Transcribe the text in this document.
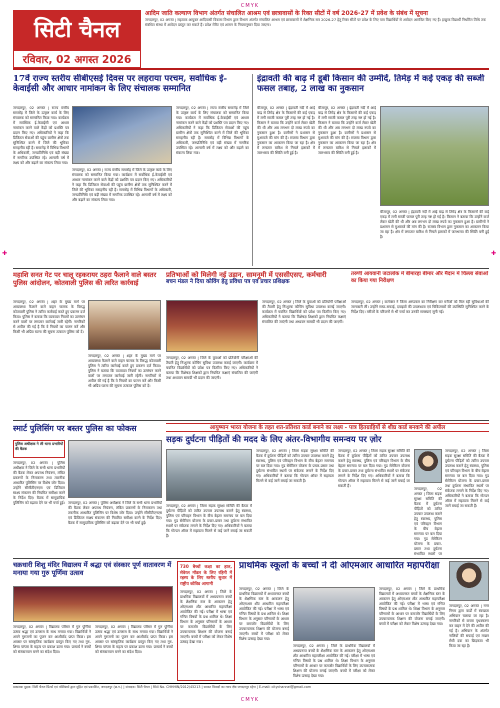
CMYK
✚	✚
सिटी चैनल
रविवार, 02 अगस्त 2026
आदिम जाति कल्याण विभाग अंतर्गत संचालित आश्रम एवं छात्रावासों के रिक्त सीटों में वर्ष 2026-27 में प्रवेश के संबंध में सूचना
जगदलपुर, 02 अगस्त | सहायक आयुक्त आदिवासी विकास विभाग द्वारा विभाग अंतर्गत संचालित आश्रम एवं छात्रावासों में शैक्षणिक सत्र 2026-27 हेतु रिक्त सीटों पर प्रवेश के लिए पात्र विद्यार्थियों से आवेदन आमंत्रित किए गए हैं। इच्छुक विद्यार्थी निर्धारित तिथि तक संबंधित संस्था में आवेदन प्रस्तुत कर सकते हैं। प्रवेश मेरिट एवं शासन के नियमानुसार दिया जाएगा।
17वें राज्य स्तरीय सीबीएसई दिवस पर लहराया परचम, सर्वाधिक ई-केवाईसी और आधार नामांकन के लिए संचालक सम्मानित
जगदलपुर, 02 अगस्त | राज्य स्तरीय समारोह में जिले के उत्कृष्ट कार्य के लिए संचालक को सम्मानित किया गया। कार्यक्रम में सर्वाधिक ई-केवाईसी एवं आधार नामांकन करने वाले केंद्रों को प्रशस्ति पत्र प्रदान किए गए। अधिकारियों ने कहा कि डिजिटल सेवाओं की पहुंच ग्रामीण क्षेत्रों तक सुनिश्चित करने में जिले की भूमिका सराहनीय रही है। समारोह में विभिन्न विभागों के अधिकारी, जनप्रतिनिधि एवं बड़ी संख्या में नागरिक उपस्थित रहे। आगामी वर्ष में लक्ष्य को और बढ़ाने का संकल्प लिया गया।
जगदलपुर, 02 अगस्त | राज्य स्तरीय समारोह में जिले के उत्कृष्ट कार्य के लिए संचालक को सम्मानित किया गया। कार्यक्रम में सर्वाधिक ई-केवाईसी एवं आधार नामांकन करने वाले केंद्रों को प्रशस्ति पत्र प्रदान किए गए। अधिकारियों ने कहा कि डिजिटल सेवाओं की पहुंच ग्रामीण क्षेत्रों तक सुनिश्चित करने में जिले की भूमिका सराहनीय रही है। समारोह में विभिन्न विभागों के अधिकारी, जनप्रतिनिधि एवं बड़ी संख्या में नागरिक उपस्थित रहे। आगामी वर्ष में लक्ष्य को और बढ़ाने का संकल्प लिया गया।
जगदलपुर, 02 अगस्त | राज्य स्तरीय समारोह में जिले के उत्कृष्ट कार्य के लिए संचालक को सम्मानित किया गया। कार्यक्रम में सर्वाधिक ई-केवाईसी एवं आधार नामांकन करने वाले केंद्रों को प्रशस्ति पत्र प्रदान किए गए। अधिकारियों ने कहा कि डिजिटल सेवाओं की पहुंच ग्रामीण क्षेत्रों तक सुनिश्चित करने में जिले की भूमिका सराहनीय रही है। समारोह में विभिन्न विभागों के अधिकारी, जनप्रतिनिधि एवं बड़ी संख्या में नागरिक उपस्थित रहे। आगामी वर्ष में लक्ष्य को और बढ़ाने का संकल्प लिया गया।
इंद्रावती की बाढ़ में डूबी किसान की उम्मीदें, तिमेड़ में कई एकड़ की सब्जी फसल तबाह, 2 लाख का नुकसान
बीजापुर, 02 अगस्त | इंद्रावती नदी में आई बाढ़ से तिमेड़ क्षेत्र के किसानों की कई एकड़ में लगी सब्जी फसल पूरी तरह नष्ट हो गई है। किसान ने बताया कि उन्होंने कर्ज लेकर खेती की थी और अब लगभग दो लाख रुपये का नुकसान हुआ है। ग्रामीणों ने प्रशासन से मुआवजे की मांग की है। राजस्व विभाग द्वारा नुकसान का आकलन किया जा रहा है। क्षेत्र में लगातार बारिश से निचले इलाकों में जलभराव की स्थिति बनी हुई है।
बीजापुर, 02 अगस्त | इंद्रावती नदी में आई बाढ़ से तिमेड़ क्षेत्र के किसानों की कई एकड़ में लगी सब्जी फसल पूरी तरह नष्ट हो गई है। किसान ने बताया कि उन्होंने कर्ज लेकर खेती की थी और अब लगभग दो लाख रुपये का नुकसान हुआ है। ग्रामीणों ने प्रशासन से मुआवजे की मांग की है। राजस्व विभाग द्वारा नुकसान का आकलन किया जा रहा है। क्षेत्र में लगातार बारिश से निचले इलाकों में जलभराव की स्थिति बनी हुई है।
बीजापुर, 02 अगस्त | इंद्रावती नदी में आई बाढ़ से तिमेड़ क्षेत्र के किसानों की कई एकड़ में लगी सब्जी फसल पूरी तरह नष्ट हो गई है। किसान ने बताया कि उन्होंने कर्ज लेकर खेती की थी और अब लगभग दो लाख रुपये का नुकसान हुआ है। ग्रामीणों ने प्रशासन से मुआवजे की मांग की है। राजस्व विभाग द्वारा नुकसान का आकलन किया जा रहा है। क्षेत्र में लगातार बारिश से निचले इलाकों में जलभराव की स्थिति बनी हुई है।
महाशि सनत गेट पर चालू रहकरायर ठहरा फैलाने वाले बस्तर पुलिस आंदोलन, कोतवाली पुलिस की त्वरित कार्रवाई
जगदलपुर, 02 अगस्त | शहर के मुख्य मार्ग पर अव्यवस्था फैलाने वाले वाहन चालक के विरुद्ध कोतवाली पुलिस ने त्वरित कार्रवाई करते हुए प्रकरण दर्ज किया। पुलिस ने बताया कि यातायात नियमों का उल्लंघन करने वालों पर लगातार कार्रवाई जारी रहेगी। नागरिकों से अपील की गई है कि वे नियमों का पालन करें और किसी भी अप्रिय घटना की सूचना तत्काल पुलिस को दें।
जगदलपुर, 02 अगस्त | शहर के मुख्य मार्ग पर अव्यवस्था फैलाने वाले वाहन चालक के विरुद्ध कोतवाली पुलिस ने त्वरित कार्रवाई करते हुए प्रकरण दर्ज किया। पुलिस ने बताया कि यातायात नियमों का उल्लंघन करने वालों पर लगातार कार्रवाई जारी रहेगी। नागरिकों से अपील की गई है कि वे नियमों का पालन करें और किसी भी अप्रिय घटना की सूचना तत्काल पुलिस को दें।
प्रतिभाओं को मिलेगी नई उड़ान, सामनूमी में एससीएसए, कर्मचारी
बचन मंडल ने दिया कोविंग हेतु प्रविधा पत्र एवं प्रचार प्रशिक्षक
जगदलपुर, 02 अगस्त | जिले के युवाओं को प्रतियोगी परीक्षाओं की तैयारी हेतु निःशुल्क कोचिंग सुविधा उपलब्ध कराई जाएगी। कार्यक्रम में चयनित विद्यार्थियों को प्रवेश पत्र वितरित किए गए। अधिकारियों ने बताया कि विशेषज्ञ शिक्षकों द्वारा नियमित कक्षाएं संचालित की जाएंगी तथा अध्ययन सामग्री भी प्रदान की जाएगी।
जगदलपुर, 02 अगस्त | जिले के युवाओं को प्रतियोगी परीक्षाओं की तैयारी हेतु निःशुल्क कोचिंग सुविधा उपलब्ध कराई जाएगी। कार्यक्रम में चयनित विद्यार्थियों को प्रवेश पत्र वितरित किए गए। अधिकारियों ने बताया कि विशेषज्ञ शिक्षकों द्वारा नियमित कक्षाएं संचालित की जाएंगी तथा अध्ययन सामग्री भी प्रदान की जाएगी।
तरुणी आयवानी जटालोक में बीमारहा बीमार और मैदान में चिल्ला सेवाओं का किया गया निरीक्षण
जगदलपुर, 02 अगस्त | कलेक्टर ने जिला अस्पताल का निरीक्षण कर मरीजों को मिल रही सुविधाओं की जानकारी ली। उन्होंने साफ-सफाई, दवाइयों की उपलब्धता एवं चिकित्सकों की उपस्थिति सुनिश्चित करने के निर्देश दिए। मरीजों के परिजनों से भी चर्चा कर उनकी समस्याएं सुनी गईं।
स्मार्ट पुलिसिंग पर बस्तर पुलिस का फोकस
पुलिस अधीक्षक ने ली थाना प्रभारियों की बैठक
जगदलपुर, 02 अगस्त | पुलिस अधीक्षक ने जिले के सभी थाना प्रभारियों की बैठक लेकर अपराध नियंत्रण, लंबित प्रकरणों के निराकरण तथा तकनीक आधारित पुलिसिंग पर विशेष जोर दिया। उन्होंने सीसीटीएनएस एवं डिजिटल साक्ष्य संकलन की नियमित समीक्षा करने के निर्देश दिए। बैठक में सामुदायिक पुलिसिंग को बढ़ावा देने पर भी चर्चा हुई। जगदलपुर, 02 अगस्त | पुलिस अधीक्षक ने जिले के सभी थाना प्रभारियों की बैठक लेकर अपराध नियंत्रण, लंबित प्रकरणों के निराकरण तथा तकनीक आधारित पुलिसिंग पर विशेष जोर दिया। उन्होंने सीसीटीएनएस एवं डिजिटल साक्ष्य संकलन की नियमित समीक्षा करने के निर्देश दिए। बैठक में सामुदायिक पुलिसिंग को बढ़ावा देने पर भी चर्चा हुई।
आयुष्मान भारत योजना के तहत शत-प्रतिशत कार्ड बनाने का लक्ष्य - पात्र हितग्राहियों से शीघ्र कार्ड बनवाने की अपील
सड़क दुर्घटना पीड़ितों की मदद के लिए अंतर-विभागीय समन्वय पर ज़ोर
जगदलपुर, 02 अगस्त | जिला सड़क सुरक्षा समिति की बैठक में दुर्घटना पीड़ितों को त्वरित उपचार उपलब्ध कराने हेतु स्वास्थ्य, पुलिस एवं परिवहन विभाग के बीच बेहतर समन्वय पर बल दिया गया। गुड सेमेरिटन योजना के प्रचार-प्रसार तथा दुर्घटना संभावित स्थलों पर संकेतक लगाने के निर्देश दिए गए। अधिकारियों ने बताया कि गोल्डन ऑवर में सहायता मिलने से कई जानें बचाई जा सकती हैं।
जगदलपुर, 02 अगस्त | जिला सड़क सुरक्षा समिति की बैठक में दुर्घटना पीड़ितों को त्वरित उपचार उपलब्ध कराने हेतु स्वास्थ्य, पुलिस एवं परिवहन विभाग के बीच बेहतर समन्वय पर बल दिया गया। गुड सेमेरिटन योजना के प्रचार-प्रसार तथा दुर्घटना संभावित स्थलों पर संकेतक लगाने के निर्देश दिए गए। अधिकारियों ने बताया कि गोल्डन ऑवर में सहायता मिलने से कई जानें बचाई जा सकती हैं।
जगदलपुर, 02 अगस्त | जिला सड़क सुरक्षा समिति की बैठक में दुर्घटना पीड़ितों को त्वरित उपचार उपलब्ध कराने हेतु स्वास्थ्य, पुलिस एवं परिवहन विभाग के बीच बेहतर समन्वय पर बल दिया गया। गुड सेमेरिटन योजना के प्रचार-प्रसार तथा दुर्घटना संभावित स्थलों पर संकेतक लगाने के निर्देश दिए गए। अधिकारियों ने बताया कि गोल्डन ऑवर में सहायता मिलने से कई जानें बचाई जा सकती हैं।
जगदलपुर, 02 अगस्त | जिला सड़क सुरक्षा समिति की बैठक में दुर्घटना पीड़ितों को त्वरित उपचार उपलब्ध कराने हेतु स्वास्थ्य, पुलिस एवं परिवहन विभाग के बीच बेहतर समन्वय पर बल दिया गया। गुड सेमेरिटन योजना के प्रचार-प्रसार तथा दुर्घटना संभावित स्थलों पर संकेतक लगाने के निर्देश दिए गए। अधिकारियों ने बताया कि गोल्डन ऑवर में सहायता मिलने से कई जानें बचाई जा सकती हैं।
जगदलपुर, 02 अगस्त | जिला सड़क सुरक्षा समिति की बैठक में दुर्घटना पीड़ितों को त्वरित उपचार उपलब्ध कराने हेतु स्वास्थ्य, पुलिस एवं परिवहन विभाग के बीच बेहतर समन्वय पर बल दिया गया। गुड सेमेरिटन योजना के प्रचार-प्रसार तथा दुर्घटना संभावित स्थलों पर
चक्रधारी शिशु मंदिर विद्यालय में श्रद्धा एवं संस्कार पूर्ण वातावरण में मनाया गया गुरु पूर्णिमा उत्सव
जगदलपुर, 02 अगस्त | विद्यालय परिसर में गुरु पूर्णिमा उत्सव श्रद्धा एवं उल्लास के साथ मनाया गया। विद्यार्थियों ने अपने गुरुजनों का पूजन कर आशीर्वाद प्राप्त किया। इस अवसर पर सांस्कृतिक कार्यक्रम प्रस्तुत किए गए तथा गुरु-शिष्य परंपरा के महत्व पर प्रकाश डाला गया। प्राचार्य ने बच्चों को संस्कारवान बनने का संदेश दिया।
जगदलपुर, 02 अगस्त | विद्यालय परिसर में गुरु पूर्णिमा उत्सव श्रद्धा एवं उल्लास के साथ मनाया गया। विद्यार्थियों ने अपने गुरुजनों का पूजन कर आशीर्वाद प्राप्त किया। इस अवसर पर सांस्कृतिक कार्यक्रम प्रस्तुत किए गए तथा गुरु-शिष्य परंपरा के महत्व पर प्रकाश डाला गया। प्राचार्य ने बच्चों को संस्कारवान बनने का संदेश दिया।
730 बैच्चों कक्षा का हाल, सेवेरल मॉडल के लिए रहिनी में रहस्य के लिए स्तरीय सुधार में राष्ट्रीय कोविड आगामी
जगदलपुर, 02 अगस्त | जिले के प्राथमिक विद्यालयों में अध्ययनरत बच्चों के शैक्षणिक स्तर के आकलन हेतु ओएमआर शीट आधारित महापरीक्षा आयोजित की गई। परीक्षा में भाषा एवं गणित विषयों के प्रश्न शामिल थे। शिक्षा विभाग के अनुसार परिणामों के आधार पर कमजोर विद्यार्थियों के लिए उपचारात्मक शिक्षण की योजना बनाई जाएगी। बच्चों में परीक्षा को लेकर विशेष उत्साह देखा गया।
प्राथमिक स्कूलों के बच्चों ने दी ओएमआर आधारित महापरीक्षा
जगदलपुर, 02 अगस्त | जिले के प्राथमिक विद्यालयों में अध्ययनरत बच्चों के शैक्षणिक स्तर के आकलन हेतु ओएमआर शीट आधारित महापरीक्षा आयोजित की गई। परीक्षा में भाषा एवं गणित विषयों के प्रश्न शामिल थे। शिक्षा विभाग के अनुसार परिणामों के आधार पर कमजोर विद्यार्थियों के लिए उपचारात्मक शिक्षण की योजना बनाई जाएगी। बच्चों में परीक्षा को लेकर विशेष उत्साह देखा गया।
जगदलपुर, 02 अगस्त | जिले के प्राथमिक विद्यालयों में अध्ययनरत बच्चों के शैक्षणिक स्तर के आकलन हेतु ओएमआर शीट आधारित महापरीक्षा आयोजित की गई। परीक्षा में भाषा एवं गणित विषयों के प्रश्न शामिल थे। शिक्षा विभाग के अनुसार परिणामों के आधार पर कमजोर विद्यार्थियों के लिए उपचारात्मक शिक्षण की योजना बनाई जाएगी। बच्चों में परीक्षा को लेकर विशेष उत्साह देखा गया।
जगदलपुर, 02 अगस्त | जिले के प्राथमिक विद्यालयों में अध्ययनरत बच्चों के शैक्षणिक स्तर के आकलन हेतु ओएमआर शीट आधारित महापरीक्षा आयोजित की गई। परीक्षा में भाषा एवं गणित विषयों के प्रश्न शामिल थे। शिक्षा विभाग के अनुसार परिणामों के आधार पर कमजोर विद्यार्थियों के लिए उपचारात्मक शिक्षण की योजना बनाई जाएगी। बच्चों में परीक्षा को लेकर विशेष उत्साह देखा गया।
जगदलपुर, 02 अगस्त | नगर निगम द्वारा वार्डों में स्वच्छता अभियान चलाया जा रहा है। नागरिकों से कचरा पृथक्करण कर वाहन में देने की अपील की गई है। अभियान के अंतर्गत नालियों की सफाई एवं मच्छर रोधी दवा का छिड़काव भी किया जा रहा है।
प्रकाशक मुद्रक: सिटी चैनल प्रिंटर्स एवं पब्लिशर्स द्वारा मुद्रित एवं प्रकाशित, जगदलपुर (छ.ग.) | संपादक: सिटी चैनल | RNI No. CHHHIN/2012/45213 | समस्त विवादों का न्याय क्षेत्र जगदलपुर रहेगा | E-mail: citychannel@gmail.com
CMYK
